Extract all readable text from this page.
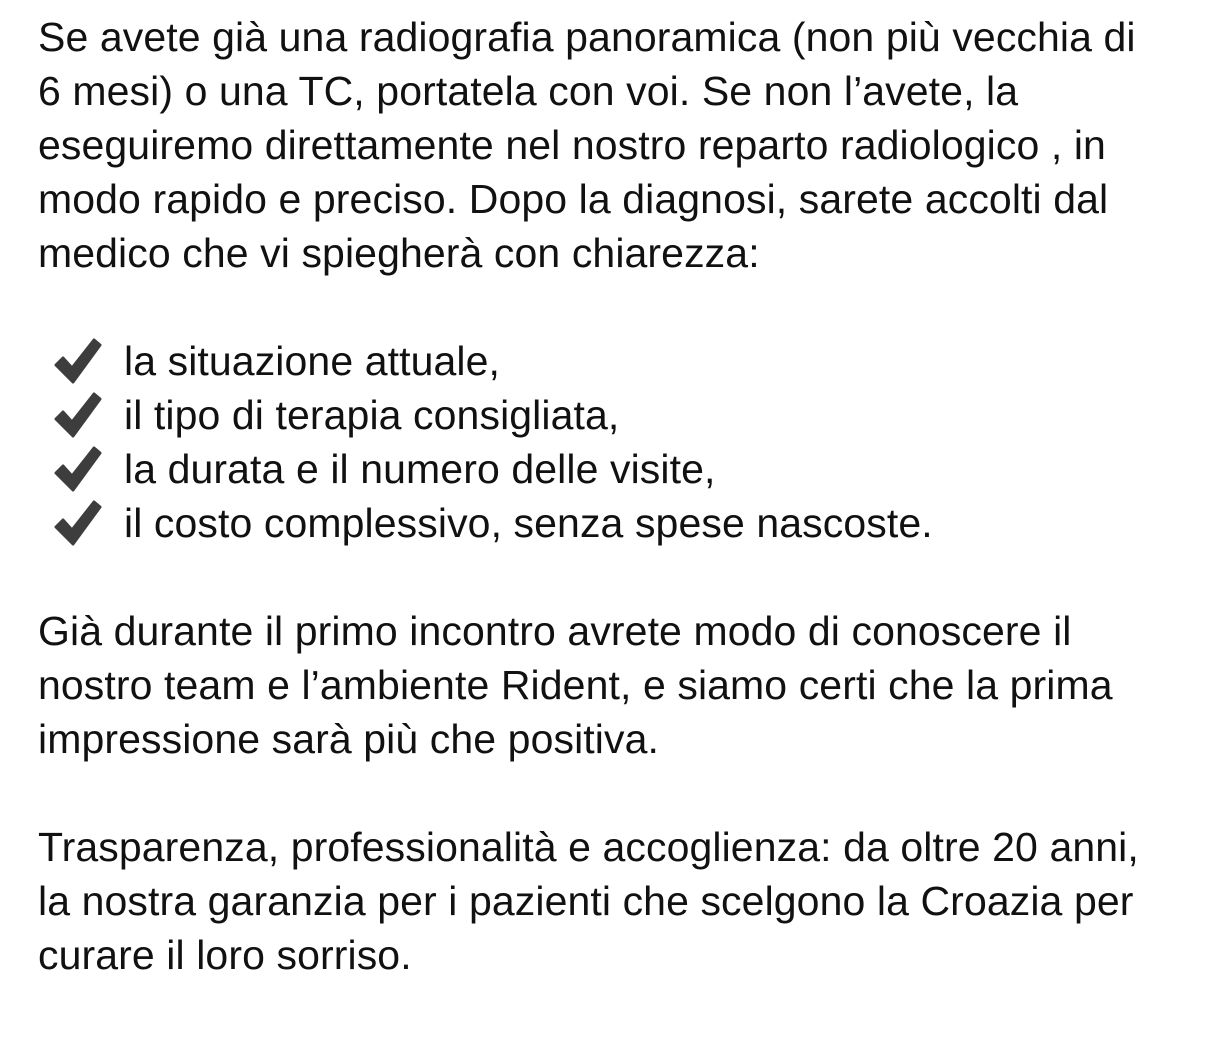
Se avete già una radiografia panoramica (non più vecchia di 6 mesi) o una TC, portatela con voi. Se non l’avete, la eseguiremo direttamente nel nostro reparto radiologico , in modo rapido e preciso. Dopo la diagnosi, sarete accolti dal medico che vi spiegherà con chiarezza:

la situazione attuale,
il tipo di terapia consigliata,
la durata e il numero delle visite,
il costo complessivo, senza spese nascoste.

Già durante il primo incontro avrete modo di conoscere il nostro team e l’ambiente Rident, e siamo certi che la prima impressione sarà più che positiva.

Trasparenza, professionalità e accoglienza: da oltre 20 anni, la nostra garanzia per i pazienti che scelgono la Croazia per curare il loro sorriso.
